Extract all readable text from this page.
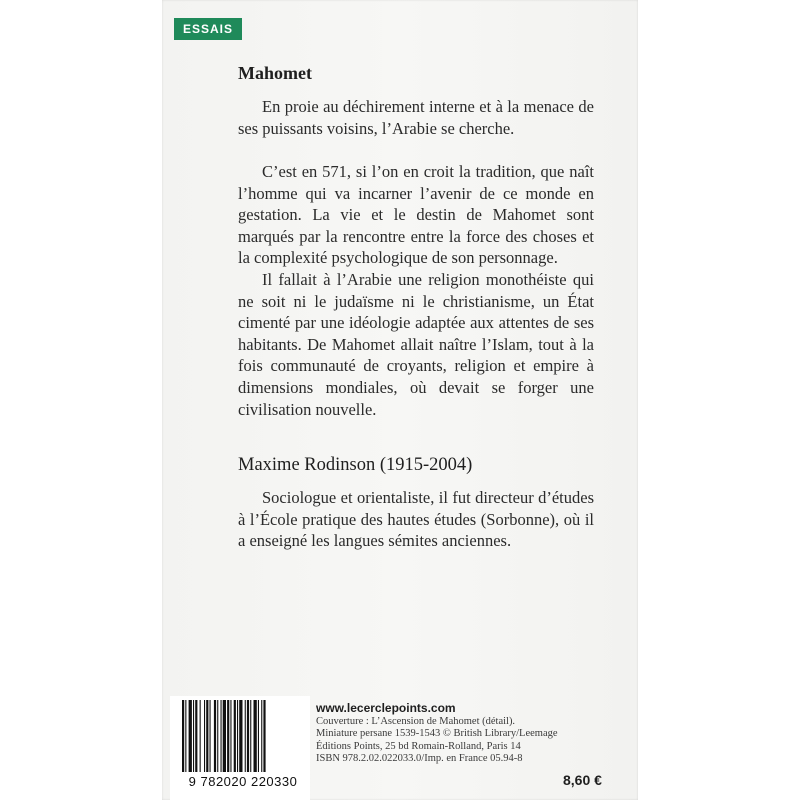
ESSAIS
Mahomet

En proie au déchirement interne et à la menace de ses puissants voisins, l’Arabie se cherche.

C’est en 571, si l’on en croit la tradition, que naît l’homme qui va incarner l’avenir de ce monde en gestation. La vie et le destin de Mahomet sont marqués par la rencontre entre la force des choses et la complexité psychologique de son personnage.

Il fallait à l’Arabie une religion monothéiste qui ne soit ni le judaïsme ni le christianisme, un État cimenté par une idéologie adaptée aux attentes de ses habitants. De Mahomet allait naître l’Islam, tout à la fois communauté de croyants, religion et empire à dimensions mondiales, où devait se forger une civilisation nouvelle.

Maxime Rodinson (1915-2004)

Sociologue et orientaliste, il fut directeur d’études à l’École pratique des hautes études (Sorbonne), où il a enseigné les langues sémites anciennes.

9 782020 220330
www.lecerclepoints.com
Couverture : L’Ascension de Mahomet (détail).
Miniature persane 1539-1543 © British Library/Leemage
Éditions Points, 25 bd Romain-Rolland, Paris 14
ISBN 978.2.02.022033.0/Imp. en France 05.94-8
8,60 €
